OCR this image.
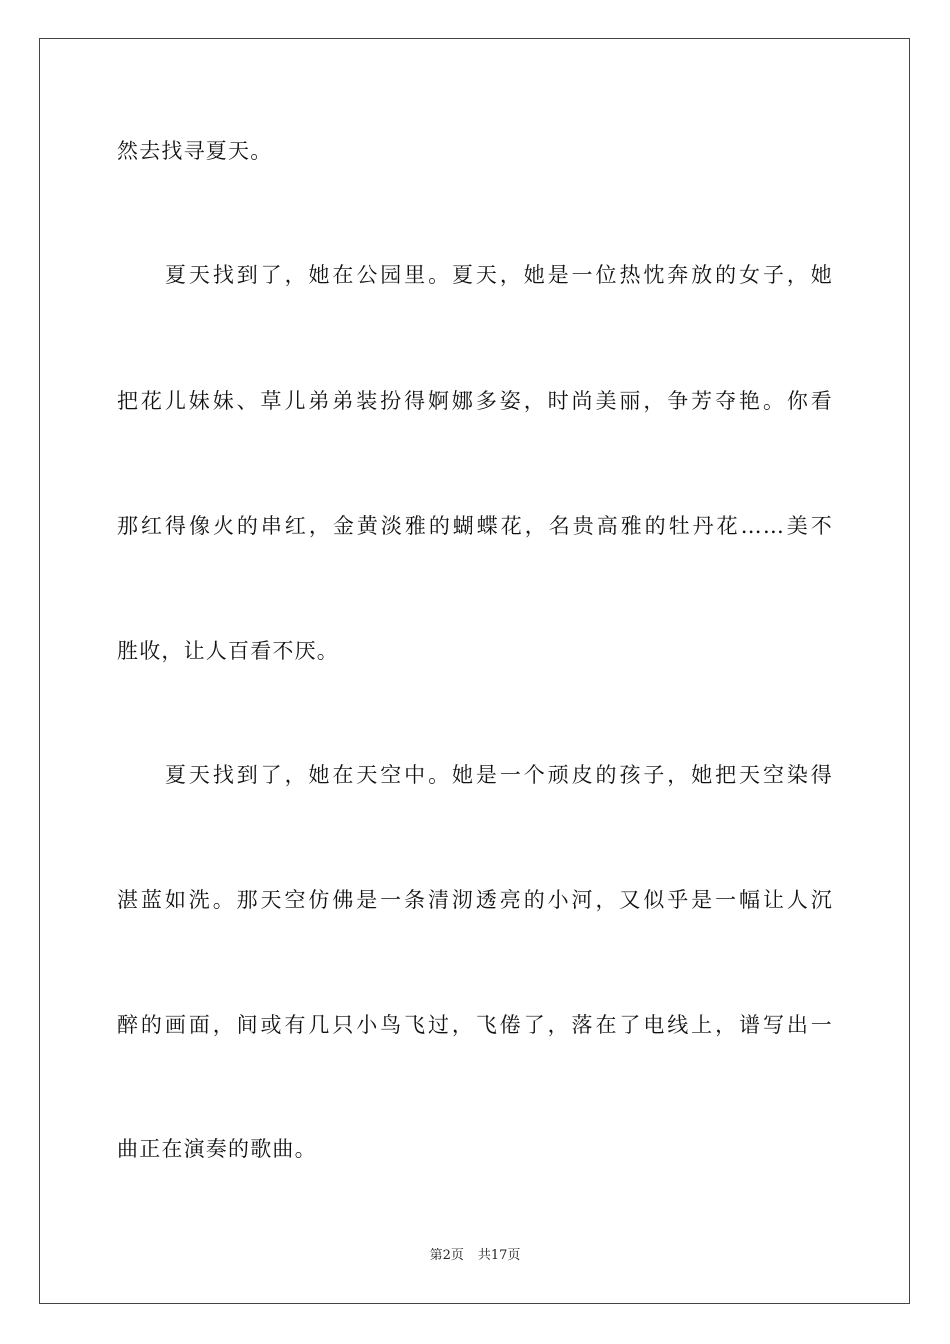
然去找寻夏天。
夏天找到了，她在公园里。夏天，她是一位热忱奔放的女子，她
把花儿妹妹、草儿弟弟装扮得婀娜多姿，时尚美丽，争芳夺艳。你看
那红得像火的串红，金黄淡雅的蝴蝶花，名贵高雅的牡丹花……美不
胜收，让人百看不厌。
夏天找到了，她在天空中。她是一个顽皮的孩子，她把天空染得
湛蓝如洗。那天空仿佛是一条清沏透亮的小河，又似乎是一幅让人沉
醉的画面，间或有几只小鸟飞过，飞倦了，落在了电线上，谱写出一
曲正在演奏的歌曲。
第2页 共17页
